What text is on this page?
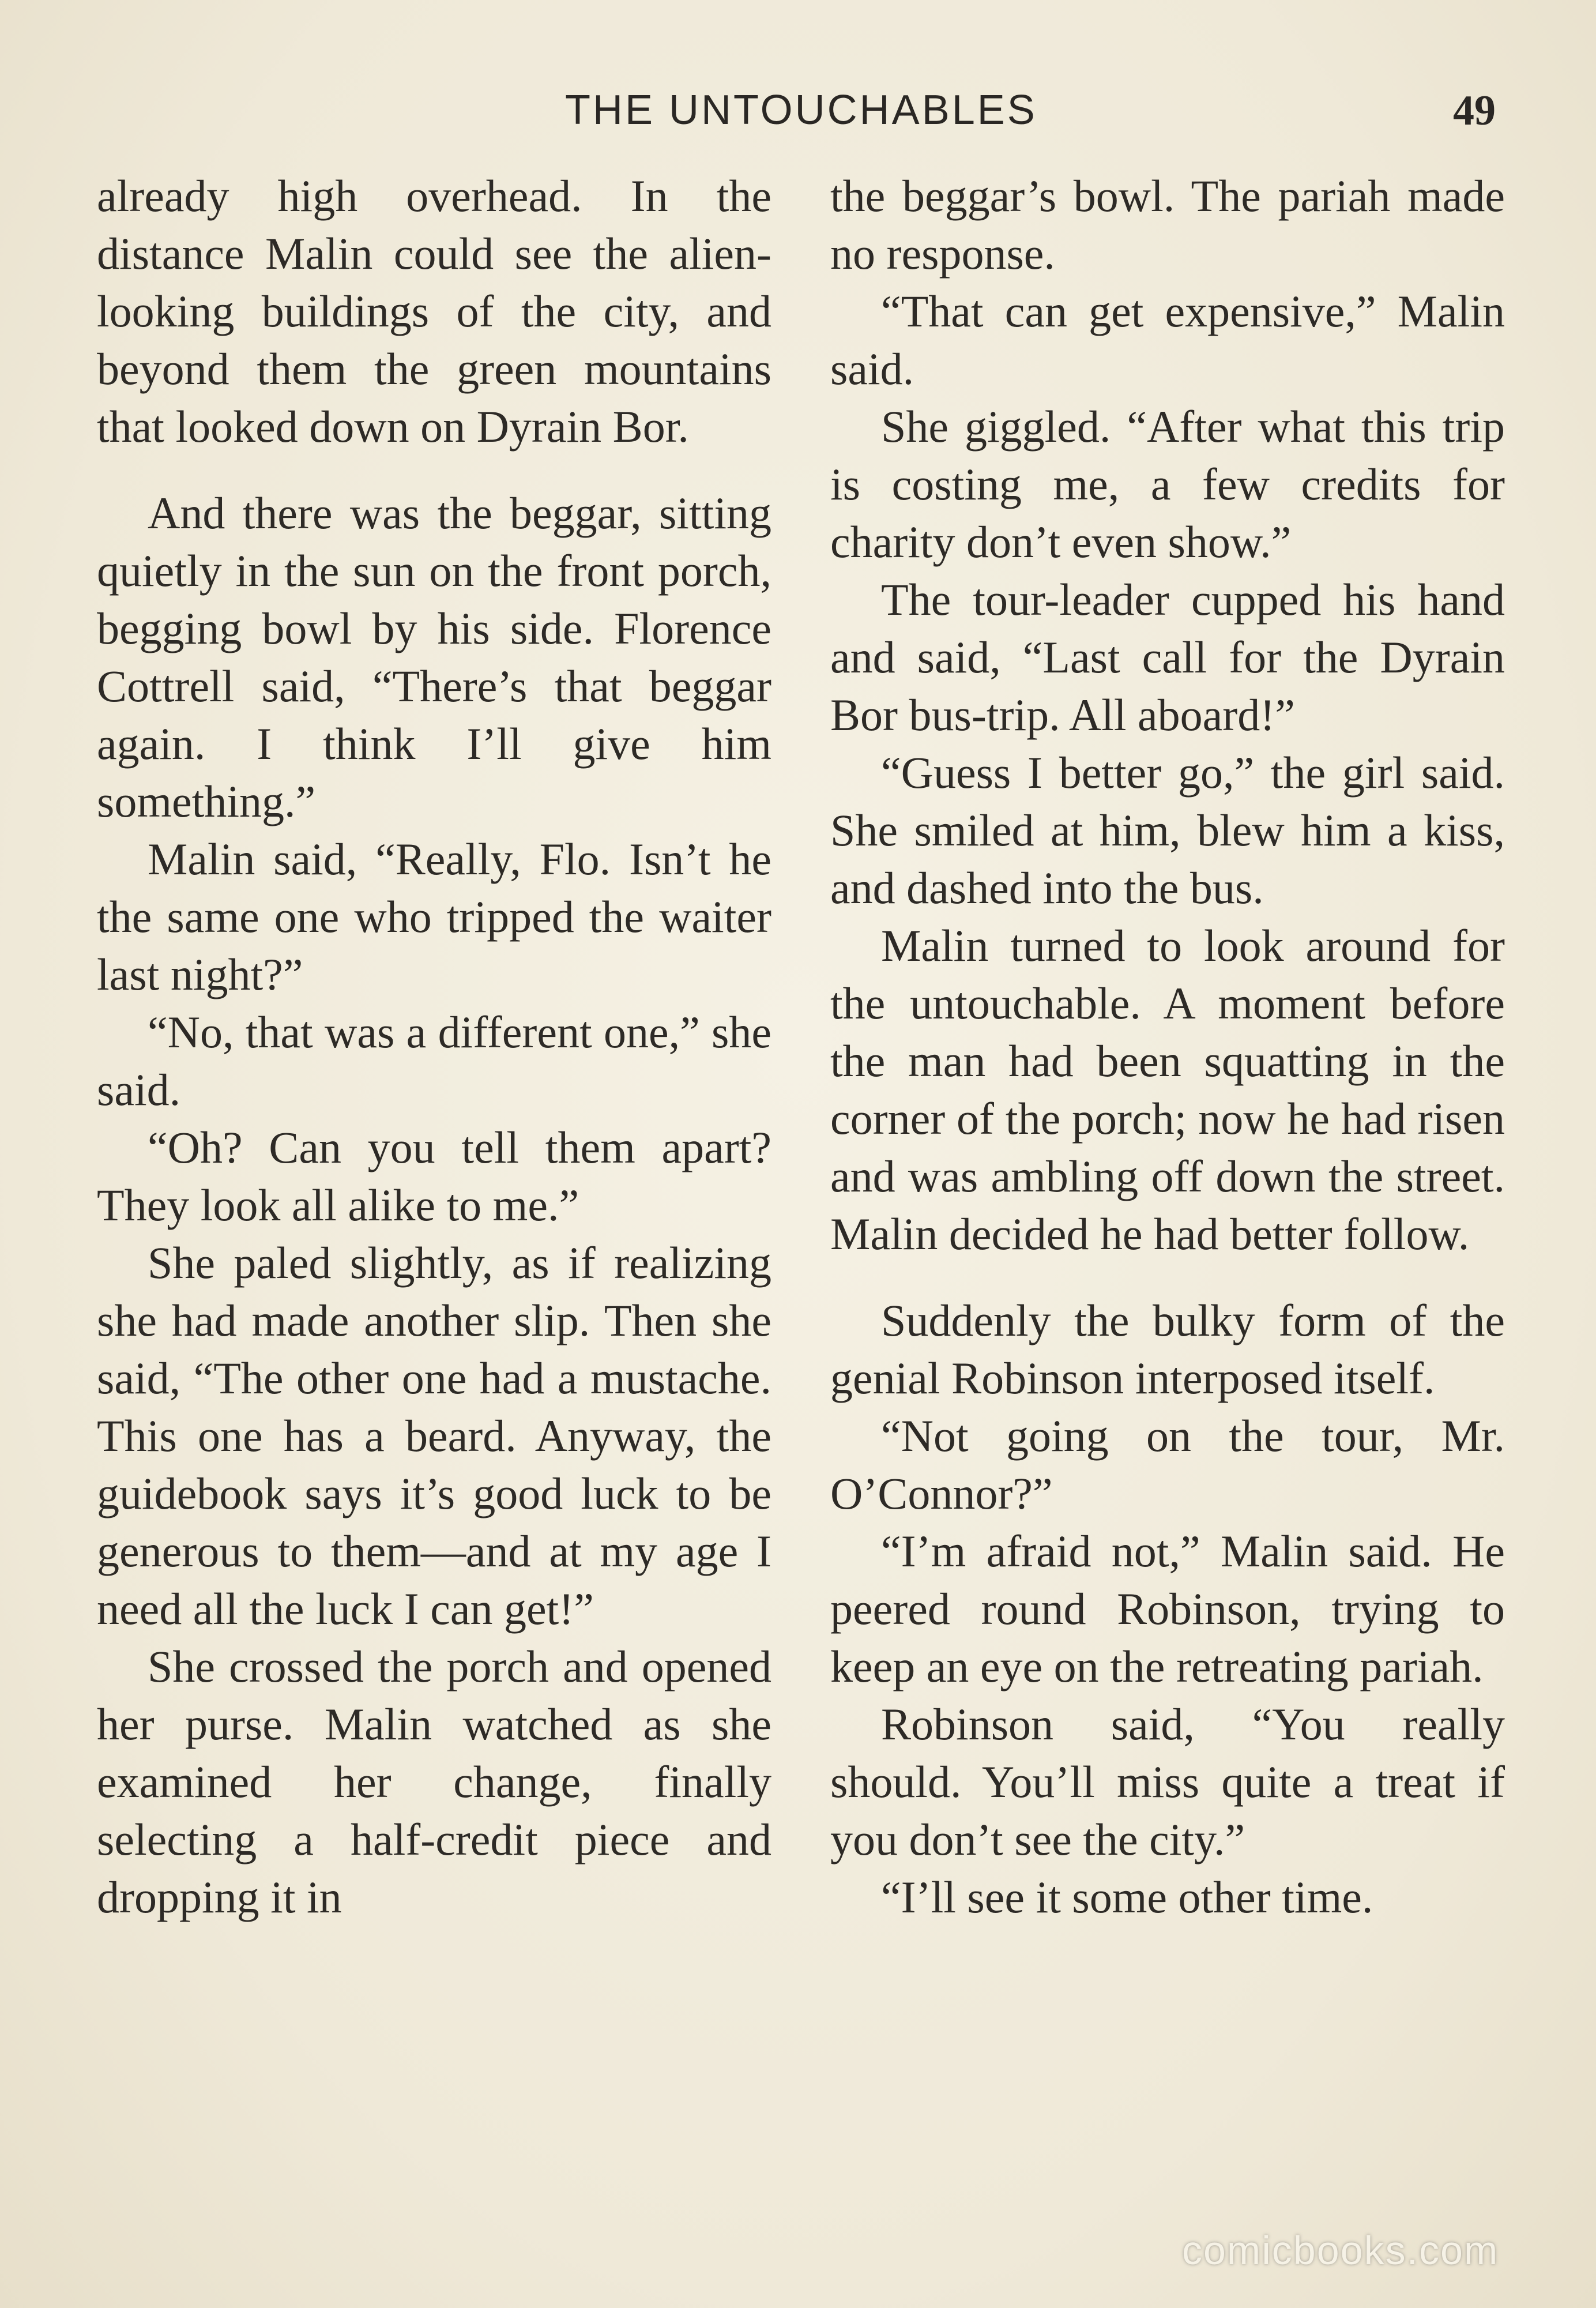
THE UNTOUCHABLES	49

already high overhead. In the distance Malin could see the alien-looking buildings of the city, and beyond them the green mountains that looked down on Dyrain Bor.

And there was the beggar, sitting quietly in the sun on the front porch, begging bowl by his side. Florence Cottrell said, “There’s that beggar again. I think I’ll give him something.”

Malin said, “Really, Flo. Isn’t he the same one who tripped the waiter last night?”

“No, that was a different one,” she said.

“Oh? Can you tell them apart? They look all alike to me.”

She paled slightly, as if realizing she had made another slip. Then she said, “The other one had a mustache. This one has a beard. Anyway, the guidebook says it’s good luck to be generous to them—and at my age I need all the luck I can get!”

She crossed the porch and opened her purse. Malin watched as she examined her change, finally selecting a half-credit piece and dropping it in

the beggar’s bowl. The pariah made no response.

“That can get expensive,” Malin said.

She giggled. “After what this trip is costing me, a few credits for charity don’t even show.”

The tour-leader cupped his hand and said, “Last call for the Dyrain Bor bus-trip. All aboard!”

“Guess I better go,” the girl said. She smiled at him, blew him a kiss, and dashed into the bus.

Malin turned to look around for the untouchable. A moment before the man had been squatting in the corner of the porch; now he had risen and was ambling off down the street. Malin decided he had better follow.

Suddenly the bulky form of the genial Robinson interposed itself.

“Not going on the tour, Mr. O’Connor?”

“I’m afraid not,” Malin said. He peered round Robinson, trying to keep an eye on the retreating pariah.

Robinson said, “You really should. You’ll miss quite a treat if you don’t see the city.”

“I’ll see it some other time.

comicbooks.com
